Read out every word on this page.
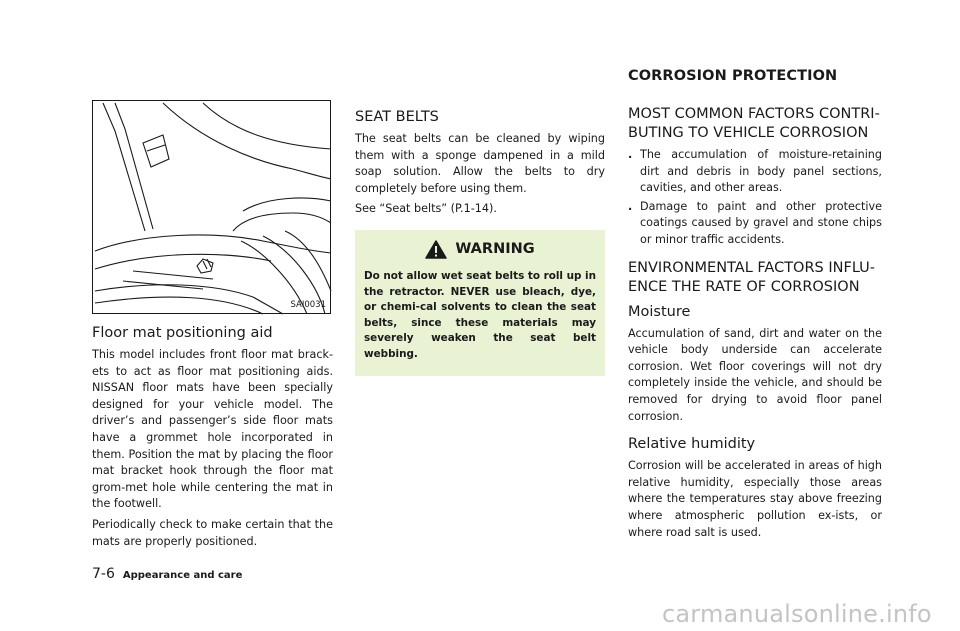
CORROSION PROTECTION
SAI0031
Floor mat positioning aid

This model includes front floor mat brack-ets to act as floor mat positioning aids. NISSAN floor mats have been specially designed for your vehicle model. The driver’s and passenger’s side floor mats have a grommet hole incorporated in them. Position the mat by placing the floor mat bracket hook through the floor mat grom-met hole while centering the mat in the footwell.

Periodically check to make certain that the mats are properly positioned.

SEAT BELTS

The seat belts can be cleaned by wiping them with a sponge dampened in a mild soap solution. Allow the belts to dry completely before using them.

See “Seat belts” (P.1-14).

WARNING
Do not allow wet seat belts to roll up in the retractor. NEVER use bleach, dye, or chemi-cal solvents to clean the seat belts, since these materials may severely weaken the seat belt webbing.
MOST COMMON FACTORS CONTRI-BUTING TO VEHICLE CORROSION
. The accumulation of moisture-retaining dirt and debris in body panel sections, cavities, and other areas.
. Damage to paint and other protective coatings caused by gravel and stone chips or minor traffic accidents.
ENVIRONMENTAL FACTORS INFLU-ENCE THE RATE OF CORROSION
Moisture

Accumulation of sand, dirt and water on the vehicle body underside can accelerate corrosion. Wet floor coverings will not dry completely inside the vehicle, and should be removed for drying to avoid floor panel corrosion.

Relative humidity

Corrosion will be accelerated in areas of high relative humidity, especially those areas where the temperatures stay above freezing where atmospheric pollution ex-ists, or where road salt is used.

7-6 Appearance and care
carmanualsonline.info
